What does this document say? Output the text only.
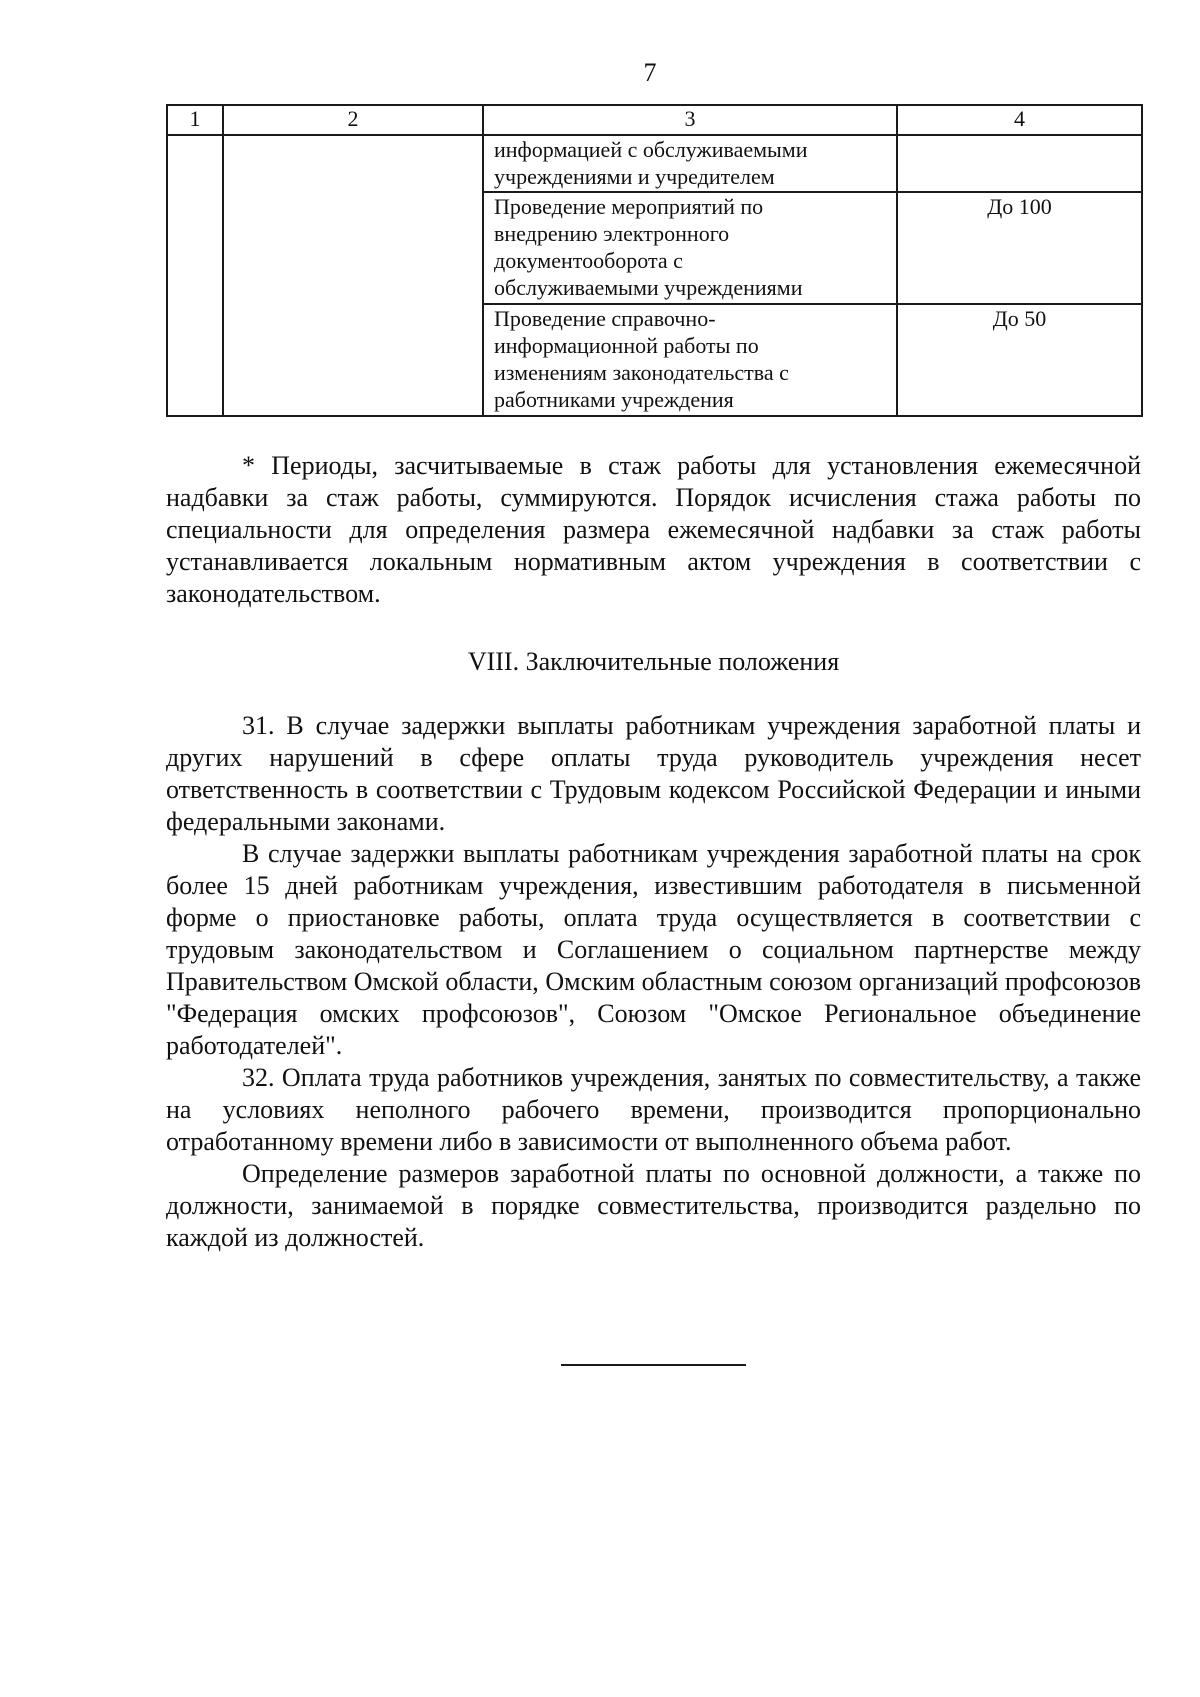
7
1	2	3	4

		информацией с обслуживаемыми
учреждениями и учредителем	

		Проведение мероприятий по
внедрению электронного
документооборота с
обслуживаемыми учреждениями	До 100

		Проведение справочно-
информационной работы по
изменениям законодательства с
работниками учреждения	До 50

* Периоды, засчитываемые в стаж работы для установления ежемесячной надбавки за стаж работы, суммируются. Порядок исчисления стажа работы по специальности для определения размера ежемесячной надбавки за стаж работы устанавливается локальным нормативным актом учреждения в соответствии с законодательством.

VIII. Заключительные положения

31. В случае задержки выплаты работникам учреждения заработной платы и других нарушений в сфере оплаты труда руководитель учреждения несет ответственность в соответствии с Трудовым кодексом Российской Федерации и иными федеральными законами.

В случае задержки выплаты работникам учреждения заработной платы на срок более 15 дней работникам учреждения, известившим работодателя в письменной форме о приостановке работы, оплата труда осуществляется в соответствии с трудовым законодательством и Соглашением о социальном партнерстве между Правительством Омской области, Омским областным союзом организаций профсоюзов "Федерация омских профсоюзов", Союзом "Омское Региональное объединение работодателей".

32. Оплата труда работников учреждения, занятых по совместительству, а также на условиях неполного рабочего времени, производится пропорционально отработанному времени либо в зависимости от выполненного объема работ.

Определение размеров заработной платы по основной должности, а также по должности, занимаемой в порядке совместительства, производится раздельно по каждой из должностей.
